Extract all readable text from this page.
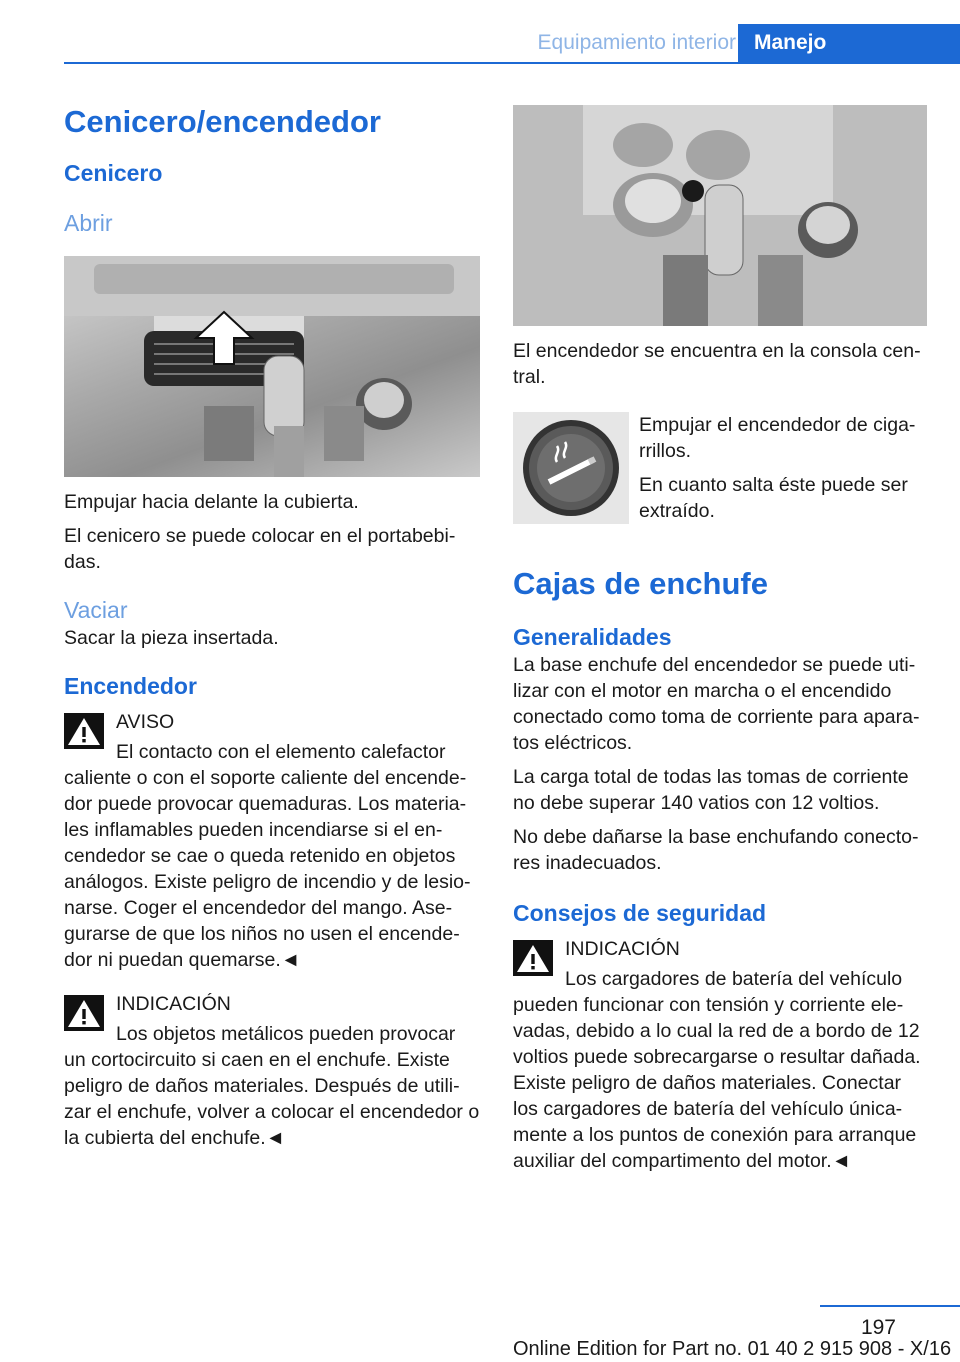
Equipamiento interior Manejo
Cenicero/encendedor
Cenicero
Abrir

Empujar hacia delante la cubierta.

El cenicero se puede colocar en el portabebi‐das.

Vaciar

Sacar la pieza insertada.

Encendedor

AVISO

El contacto con el elemento calefactor caliente o con el soporte caliente del encende‐dor puede provocar quemaduras. Los materia‐les inflamables pueden incendiarse si el en‐cendedor se cae o queda retenido en objetos análogos. Existe peligro de incendio y de lesio‐narse. Coger el encendedor del mango. Ase‐gurarse de que los niños no usen el encende‐dor ni puedan quemarse.◄

INDICACIÓN

Los objetos metálicos pueden provocar un cortocircuito si caen en el enchufe. Existe peligro de daños materiales. Después de utili‐zar el enchufe, volver a colocar el encendedor o la cubierta del enchufe.◄

El encendedor se encuentra en la consola cen‐tral.

Empujar el encendedor de ciga‐rrillos.

En cuanto salta éste puede ser extraído.

Cajas de enchufe
Generalidades

La base enchufe del encendedor se puede uti‐lizar con el motor en marcha o el encendido conectado como toma de corriente para apara‐tos eléctricos.

La carga total de todas las tomas de corriente no debe superar 140 vatios con 12 voltios.

No debe dañarse la base enchufando conecto‐res inadecuados.

Consejos de seguridad

INDICACIÓN

Los cargadores de batería del vehículo pueden funcionar con tensión y corriente ele‐vadas, debido a lo cual la red de a bordo de 12 voltios puede sobrecargarse o resultar dañada. Existe peligro de daños materiales. Conectar los cargadores de batería del vehículo única‐mente a los puntos de conexión para arranque auxiliar del compartimento del motor.◄

197
Online Edition for Part no. 01 40 2 915 908 - X/16
